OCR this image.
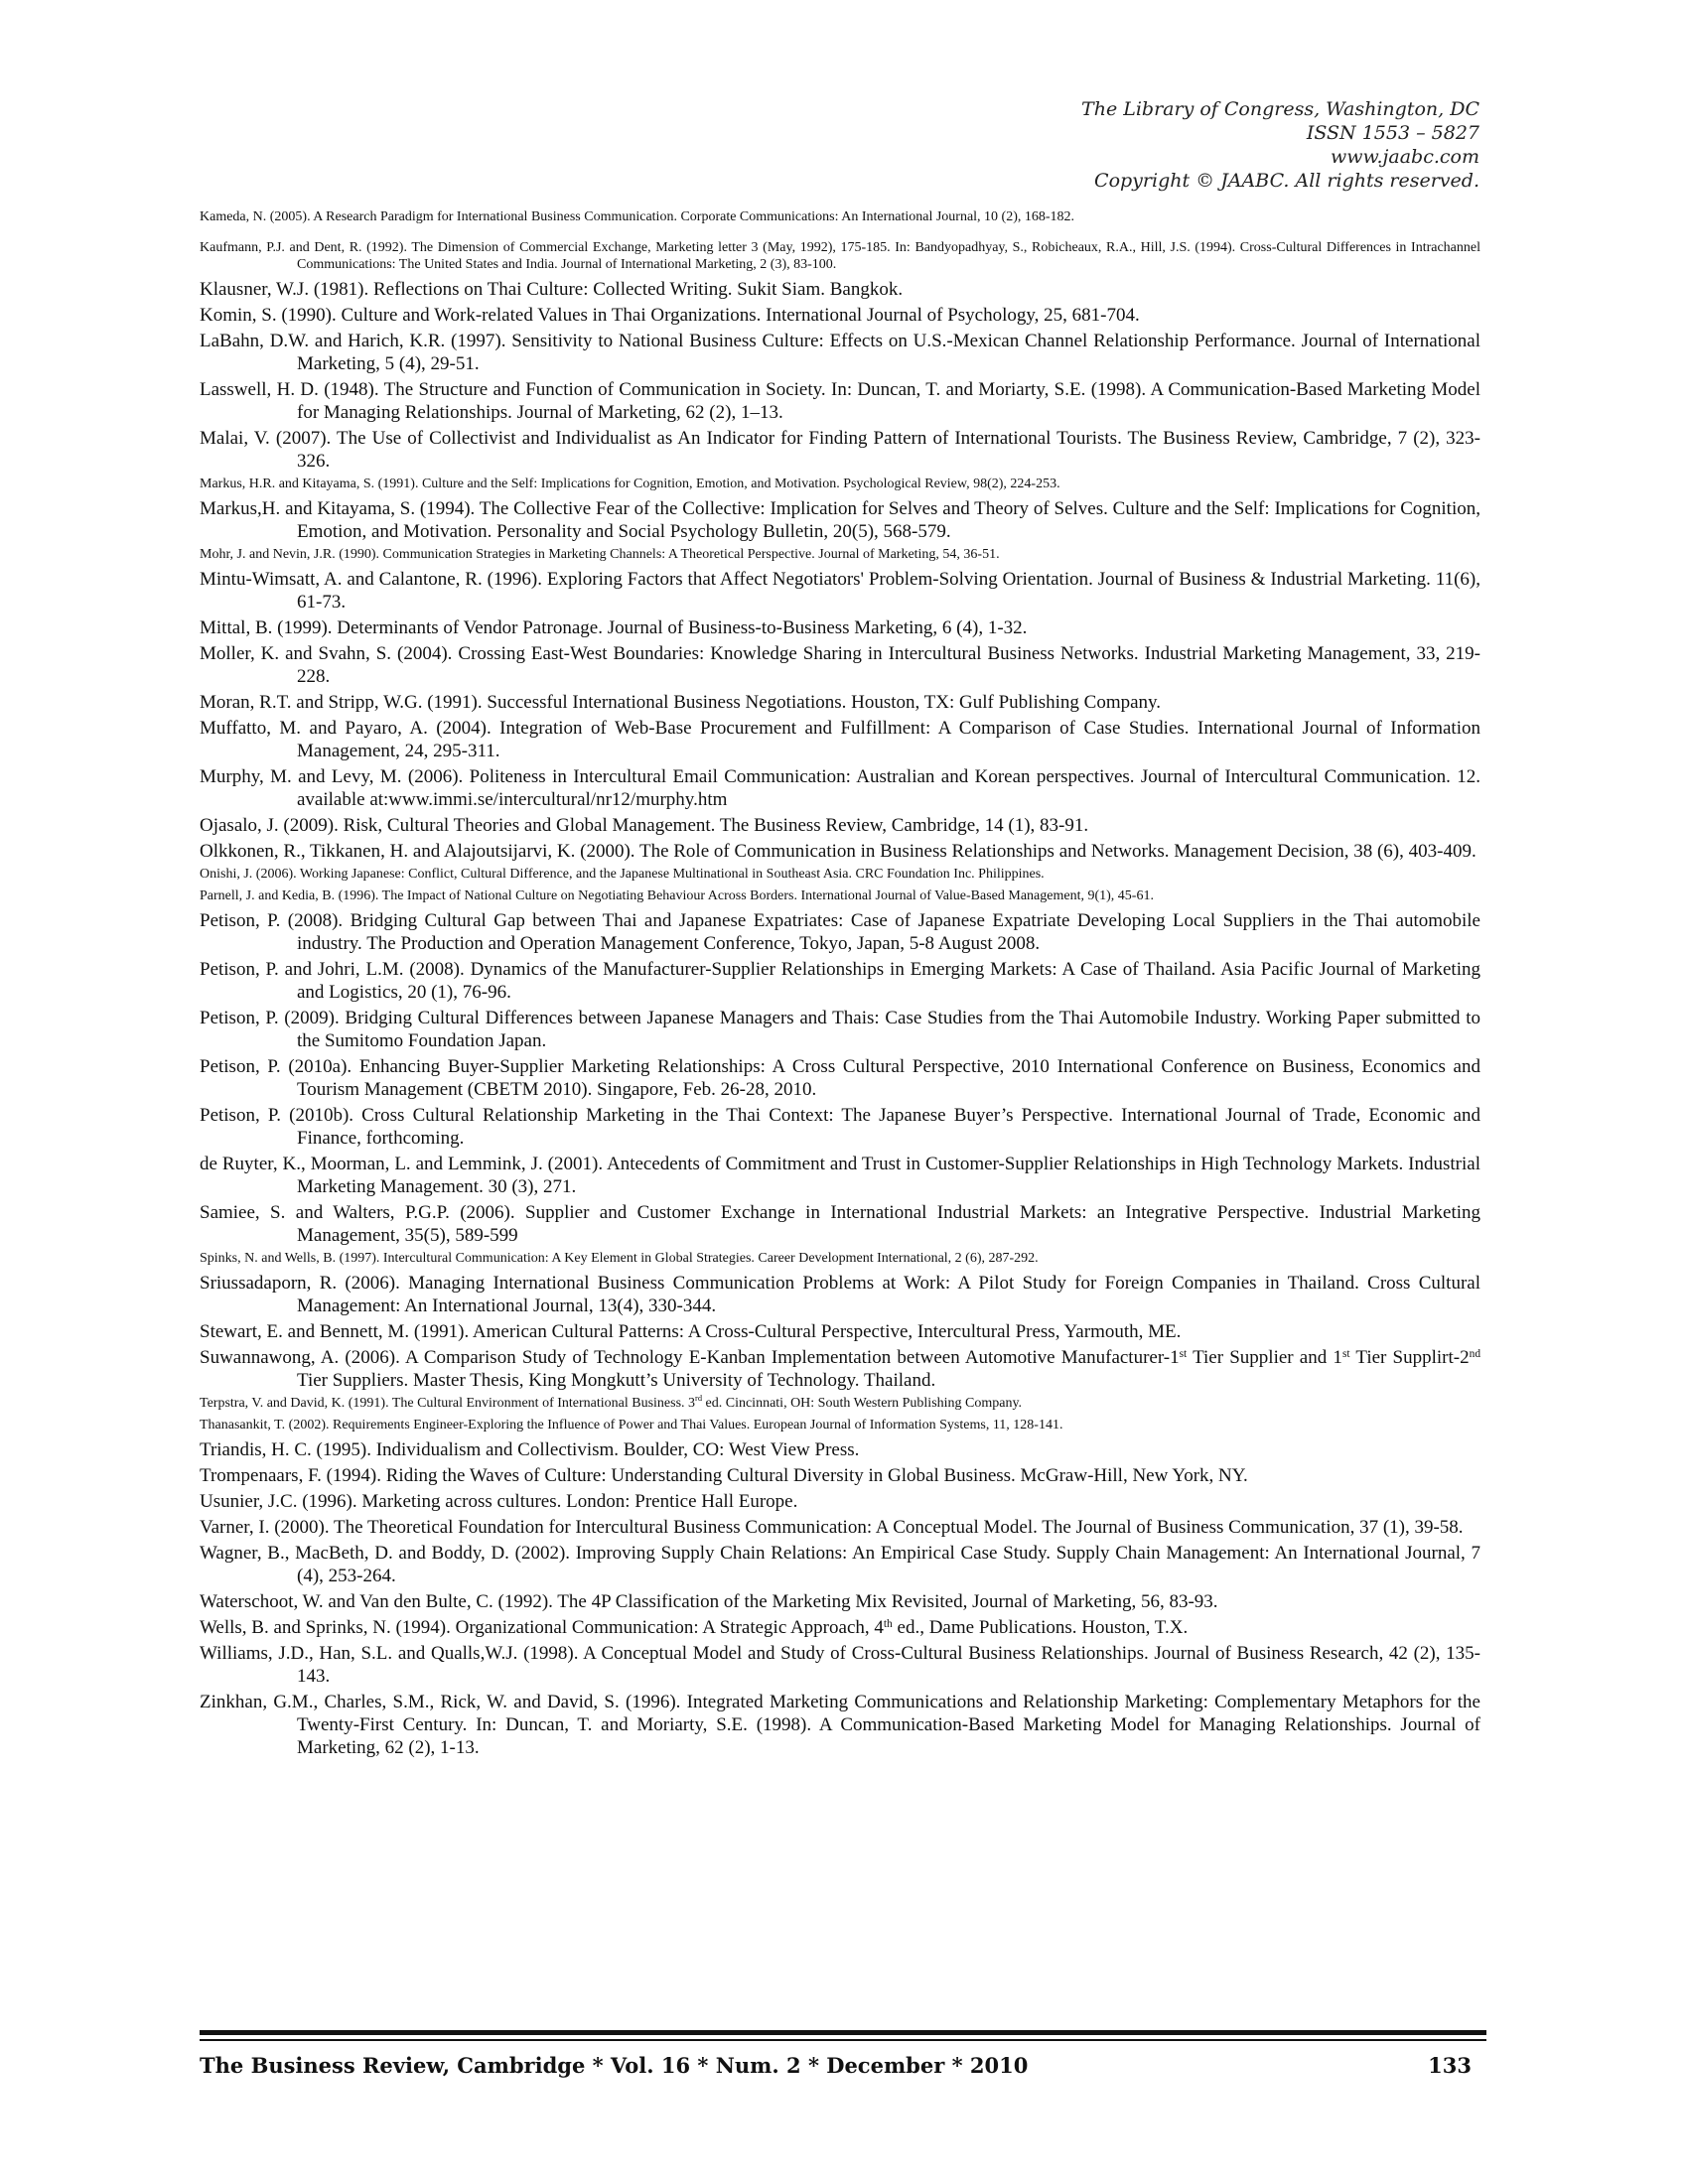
The Library of Congress, Washington, DC
ISSN 1553 – 5827
www.jaabc.com
Copyright © JAABC. All rights reserved.
Kameda, N. (2005). A Research Paradigm for International Business Communication. Corporate Communications: An International Journal, 10 (2), 168-182.
Kaufmann, P.J. and Dent, R. (1992). The Dimension of Commercial Exchange, Marketing letter 3 (May, 1992), 175-185. In: Bandyopadhyay, S., Robicheaux, R.A., Hill, J.S. (1994). Cross-Cultural Differences in Intrachannel Communications: The United States and India. Journal of International Marketing, 2 (3), 83-100.
Klausner, W.J. (1981). Reflections on Thai Culture: Collected Writing. Sukit Siam. Bangkok.
Komin, S. (1990). Culture and Work-related Values in Thai Organizations. International Journal of Psychology, 25, 681-704.
LaBahn, D.W. and Harich, K.R. (1997). Sensitivity to National Business Culture: Effects on U.S.-Mexican Channel Relationship Performance. Journal of International Marketing, 5 (4), 29-51.
Lasswell, H. D. (1948). The Structure and Function of Communication in Society. In: Duncan, T. and Moriarty, S.E. (1998). A Communication-Based Marketing Model for Managing Relationships. Journal of Marketing, 62 (2), 1–13.
Malai, V. (2007). The Use of Collectivist and Individualist as An Indicator for Finding Pattern of International Tourists. The Business Review, Cambridge, 7 (2), 323-326.
Markus, H.R. and Kitayama, S. (1991). Culture and the Self: Implications for Cognition, Emotion, and Motivation. Psychological Review, 98(2), 224-253.
Markus,H. and Kitayama, S. (1994). The Collective Fear of the Collective: Implication for Selves and Theory of Selves. Culture and the Self: Implications for Cognition, Emotion, and Motivation. Personality and Social Psychology Bulletin, 20(5), 568-579.
Mohr, J. and Nevin, J.R. (1990). Communication Strategies in Marketing Channels: A Theoretical Perspective. Journal of Marketing, 54, 36-51.
Mintu-Wimsatt, A. and Calantone, R. (1996). Exploring Factors that Affect Negotiators' Problem-Solving Orientation. Journal of Business & Industrial Marketing. 11(6), 61-73.
Mittal, B. (1999). Determinants of Vendor Patronage. Journal of Business-to-Business Marketing, 6 (4), 1-32.
Moller, K. and Svahn, S. (2004). Crossing East-West Boundaries: Knowledge Sharing in Intercultural Business Networks. Industrial Marketing Management, 33, 219-228.
Moran, R.T. and Stripp, W.G. (1991). Successful International Business Negotiations. Houston, TX: Gulf Publishing Company.
Muffatto, M. and Payaro, A. (2004). Integration of Web-Base Procurement and Fulfillment: A Comparison of Case Studies. International Journal of Information Management, 24, 295-311.
Murphy, M. and Levy, M. (2006). Politeness in Intercultural Email Communication: Australian and Korean perspectives. Journal of Intercultural Communication. 12. available at:www.immi.se/intercultural/nr12/murphy.htm
Ojasalo, J. (2009). Risk, Cultural Theories and Global Management. The Business Review, Cambridge, 14 (1), 83-91.
Olkkonen, R., Tikkanen, H. and Alajoutsijarvi, K. (2000). The Role of Communication in Business Relationships and Networks. Management Decision, 38 (6), 403-409.
Onishi, J. (2006). Working Japanese: Conflict, Cultural Difference, and the Japanese Multinational in Southeast Asia. CRC Foundation Inc. Philippines.
Parnell, J. and Kedia, B. (1996). The Impact of National Culture on Negotiating Behaviour Across Borders. International Journal of Value-Based Management, 9(1), 45-61.
Petison, P. (2008). Bridging Cultural Gap between Thai and Japanese Expatriates: Case of Japanese Expatriate Developing Local Suppliers in the Thai automobile industry. The Production and Operation Management Conference, Tokyo, Japan, 5-8 August 2008.
Petison, P. and Johri, L.M. (2008). Dynamics of the Manufacturer-Supplier Relationships in Emerging Markets: A Case of Thailand. Asia Pacific Journal of Marketing and Logistics, 20 (1), 76-96.
Petison, P. (2009). Bridging Cultural Differences between Japanese Managers and Thais: Case Studies from the Thai Automobile Industry. Working Paper submitted to the Sumitomo Foundation Japan.
Petison, P. (2010a). Enhancing Buyer-Supplier Marketing Relationships: A Cross Cultural Perspective, 2010 International Conference on Business, Economics and Tourism Management (CBETM 2010). Singapore, Feb. 26-28, 2010.
Petison, P. (2010b). Cross Cultural Relationship Marketing in the Thai Context: The Japanese Buyer’s Perspective. International Journal of Trade, Economic and Finance, forthcoming.
de Ruyter, K., Moorman, L. and Lemmink, J. (2001). Antecedents of Commitment and Trust in Customer-Supplier Relationships in High Technology Markets. Industrial Marketing Management. 30 (3), 271.
Samiee, S. and Walters, P.G.P. (2006). Supplier and Customer Exchange in International Industrial Markets: an Integrative Perspective. Industrial Marketing Management, 35(5), 589-599
Spinks, N. and Wells, B. (1997). Intercultural Communication: A Key Element in Global Strategies. Career Development International, 2 (6), 287-292.
Sriussadaporn, R. (2006). Managing International Business Communication Problems at Work: A Pilot Study for Foreign Companies in Thailand. Cross Cultural Management: An International Journal, 13(4), 330-344.
Stewart, E. and Bennett, M. (1991). American Cultural Patterns: A Cross-Cultural Perspective, Intercultural Press, Yarmouth, ME.
Suwannawong, A. (2006). A Comparison Study of Technology E-Kanban Implementation between Automotive Manufacturer-1st Tier Supplier and 1st Tier Supplirt-2nd Tier Suppliers. Master Thesis, King Mongkutt’s University of Technology. Thailand.
Terpstra, V. and David, K. (1991). The Cultural Environment of International Business. 3rd ed. Cincinnati, OH: South Western Publishing Company.
Thanasankit, T. (2002). Requirements Engineer-Exploring the Influence of Power and Thai Values. European Journal of Information Systems, 11, 128-141.
Triandis, H. C. (1995). Individualism and Collectivism. Boulder, CO: West View Press.
Trompenaars, F. (1994). Riding the Waves of Culture: Understanding Cultural Diversity in Global Business. McGraw-Hill, New York, NY.
Usunier, J.C. (1996). Marketing across cultures. London: Prentice Hall Europe.
Varner, I. (2000). The Theoretical Foundation for Intercultural Business Communication: A Conceptual Model. The Journal of Business Communication, 37 (1), 39-58.
Wagner, B., MacBeth, D. and Boddy, D. (2002). Improving Supply Chain Relations: An Empirical Case Study. Supply Chain Management: An International Journal, 7 (4), 253-264.
Waterschoot, W. and Van den Bulte, C. (1992). The 4P Classification of the Marketing Mix Revisited, Journal of Marketing, 56, 83-93.
Wells, B. and Sprinks, N. (1994). Organizational Communication: A Strategic Approach, 4th ed., Dame Publications. Houston, T.X.
Williams, J.D., Han, S.L. and Qualls,W.J. (1998). A Conceptual Model and Study of Cross-Cultural Business Relationships. Journal of Business Research, 42 (2), 135-143.
Zinkhan, G.M., Charles, S.M., Rick, W. and David, S. (1996). Integrated Marketing Communications and Relationship Marketing: Complementary Metaphors for the Twenty-First Century. In: Duncan, T. and Moriarty, S.E. (1998). A Communication-Based Marketing Model for Managing Relationships. Journal of Marketing, 62 (2), 1-13.
The Business Review, Cambridge * Vol. 16 * Num. 2 * December * 2010	133
